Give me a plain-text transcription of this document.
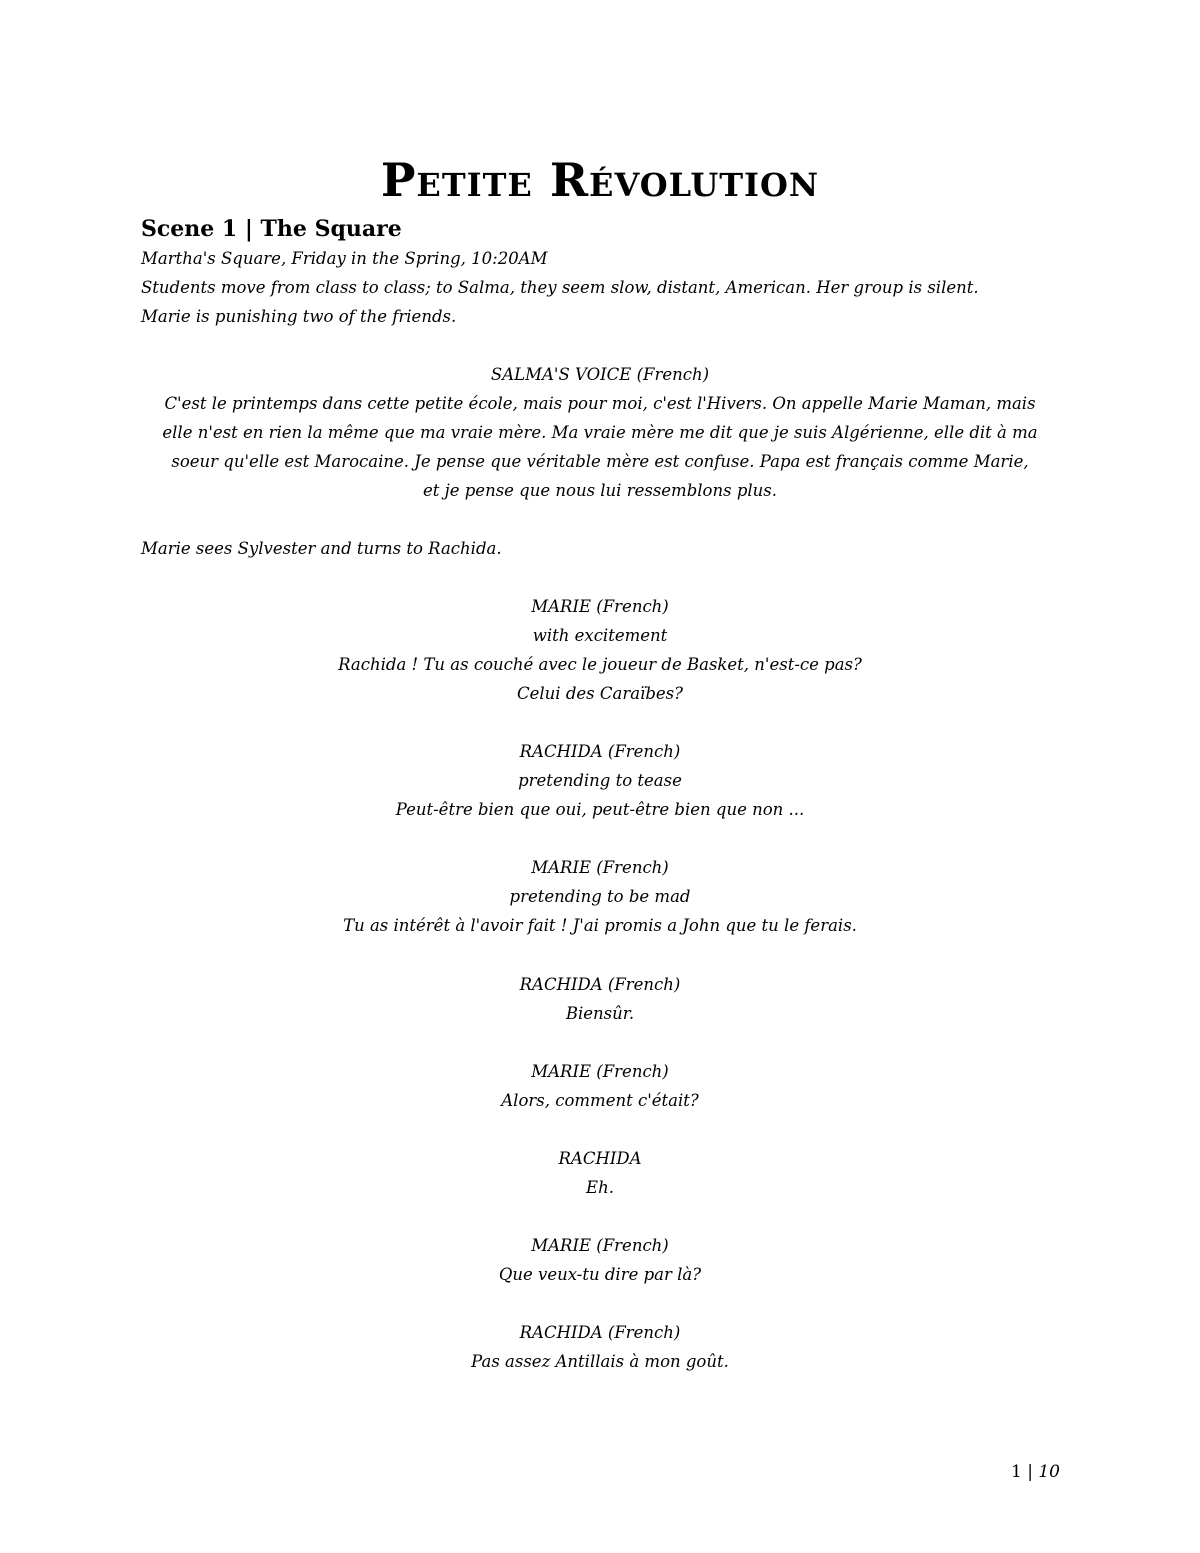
Petite Révolution
Scene 1 | The Square
Martha's Square, Friday in the Spring, 10:20AM
Students move from class to class; to Salma, they seem slow, distant, American. Her group is silent.
Marie is punishing two of the friends.
SALMA'S VOICE (French)
C'est le printemps dans cette petite école, mais pour moi, c'est l'Hivers. On appelle Marie Maman, mais
elle n'est en rien la même que ma vraie mère. Ma vraie mère me dit que je suis Algérienne, elle dit à ma
soeur qu'elle est Marocaine. Je pense que véritable mère est confuse. Papa est français comme Marie,
et je pense que nous lui ressemblons plus.
Marie sees Sylvester and turns to Rachida.
MARIE (French)
with excitement
Rachida ! Tu as couché avec le joueur de Basket, n'est-ce pas?
Celui des Caraïbes?
RACHIDA (French)
pretending to tease
Peut-être bien que oui, peut-être bien que non ...
MARIE (French)
pretending to be mad
Tu as intérêt à l'avoir fait ! J'ai promis a John que tu le ferais.
RACHIDA (French)
Biensûr.
MARIE (French)
Alors, comment c'était?
RACHIDA
Eh.
MARIE (French)
Que veux-tu dire par là?
RACHIDA (French)
Pas assez Antillais à mon goût.
1 | 10
